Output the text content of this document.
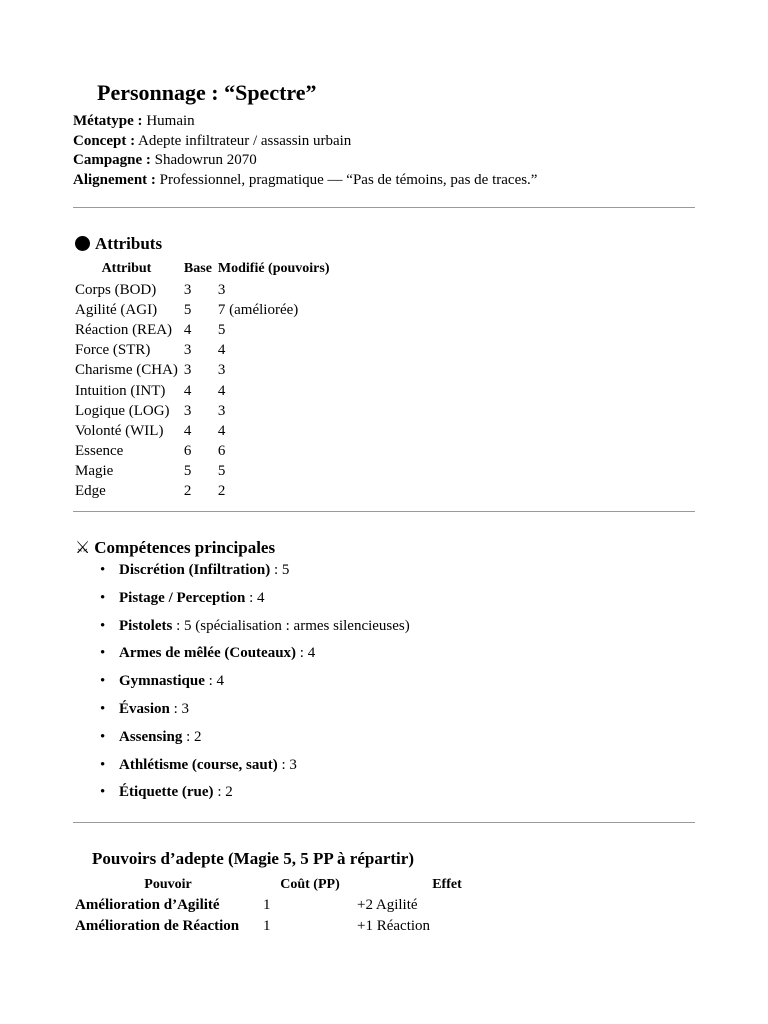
Personnage : “Spectre”
Métatype : Humain
Concept : Adepte infiltrateur / assassin urbain
Campagne : Shadowrun 2070
Alignement : Professionnel, pragmatique — “Pas de témoins, pas de traces.”
Attributs
Attribut	Base	Modifié (pouvoirs)
Corps (BOD)	3	3
Agilité (AGI)	5	7 (améliorée)
Réaction (REA)	4	5
Force (STR)	3	4
Charisme (CHA)	3	3
Intuition (INT)	4	4
Logique (LOG)	3	3
Volonté (WIL)	4	4
Essence	6	6
Magie	5	5
Edge	2	2
⚔ Compétences principales
• Discrétion (Infiltration) : 5
• Pistage / Perception : 4
• Pistolets : 5 (spécialisation : armes silencieuses)
• Armes de mêlée (Couteaux) : 4
• Gymnastique : 4
• Évasion : 3
• Assensing : 2
• Athlétisme (course, saut) : 3
• Étiquette (rue) : 2
Pouvoirs d’adepte (Magie 5, 5 PP à répartir)
Pouvoir	Coût (PP)	Effet
Amélioration d’Agilité	1	+2 Agilité
Amélioration de Réaction	1	+1 Réaction
